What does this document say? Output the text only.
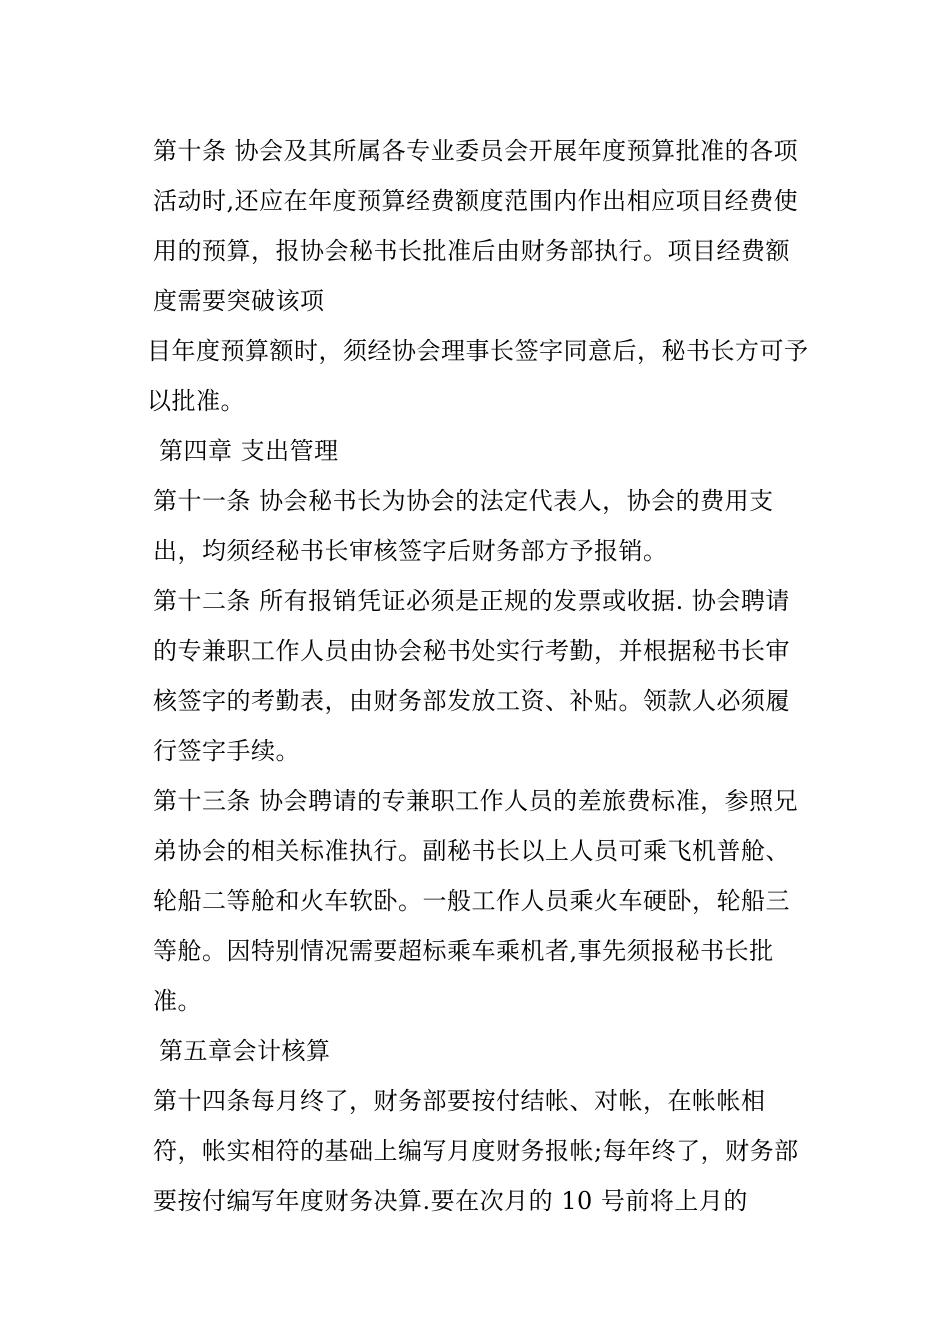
第十条 协会及其所属各专业委员会开展年度预算批准的各项活动时,还应在年度预算经费额度范围内作出相应项目经费使用的预算，报协会秘书长批准后由财务部执行。项目经费额度需要突破该项

目年度预算额时，须经协会理事长签字同意后，秘书长方可予以批准。

第四章 支出管理

第十一条 协会秘书长为协会的法定代表人，协会的费用支出，均须经秘书长审核签字后财务部方予报销。

第十二条 所有报销凭证必须是正规的发票或收据. 协会聘请的专兼职工作人员由协会秘书处实行考勤，并根据秘书长审核签字的考勤表，由财务部发放工资、补贴。领款人必须履行签字手续。

第十三条 协会聘请的专兼职工作人员的差旅费标准，参照兄弟协会的相关标准执行。副秘书长以上人员可乘飞机普舱、轮船二等舱和火车软卧。一般工作人员乘火车硬卧，轮船三等舱。因特别情况需要超标乘车乘机者,事先须报秘书长批准。

第五章会计核算

第十四条每月终了，财务部要按付结帐、对帐，在帐帐相符，帐实相符的基础上编写月度财务报帐;每年终了，财务部要按付编写年度财务决算.要在次月的 10 号前将上月的
